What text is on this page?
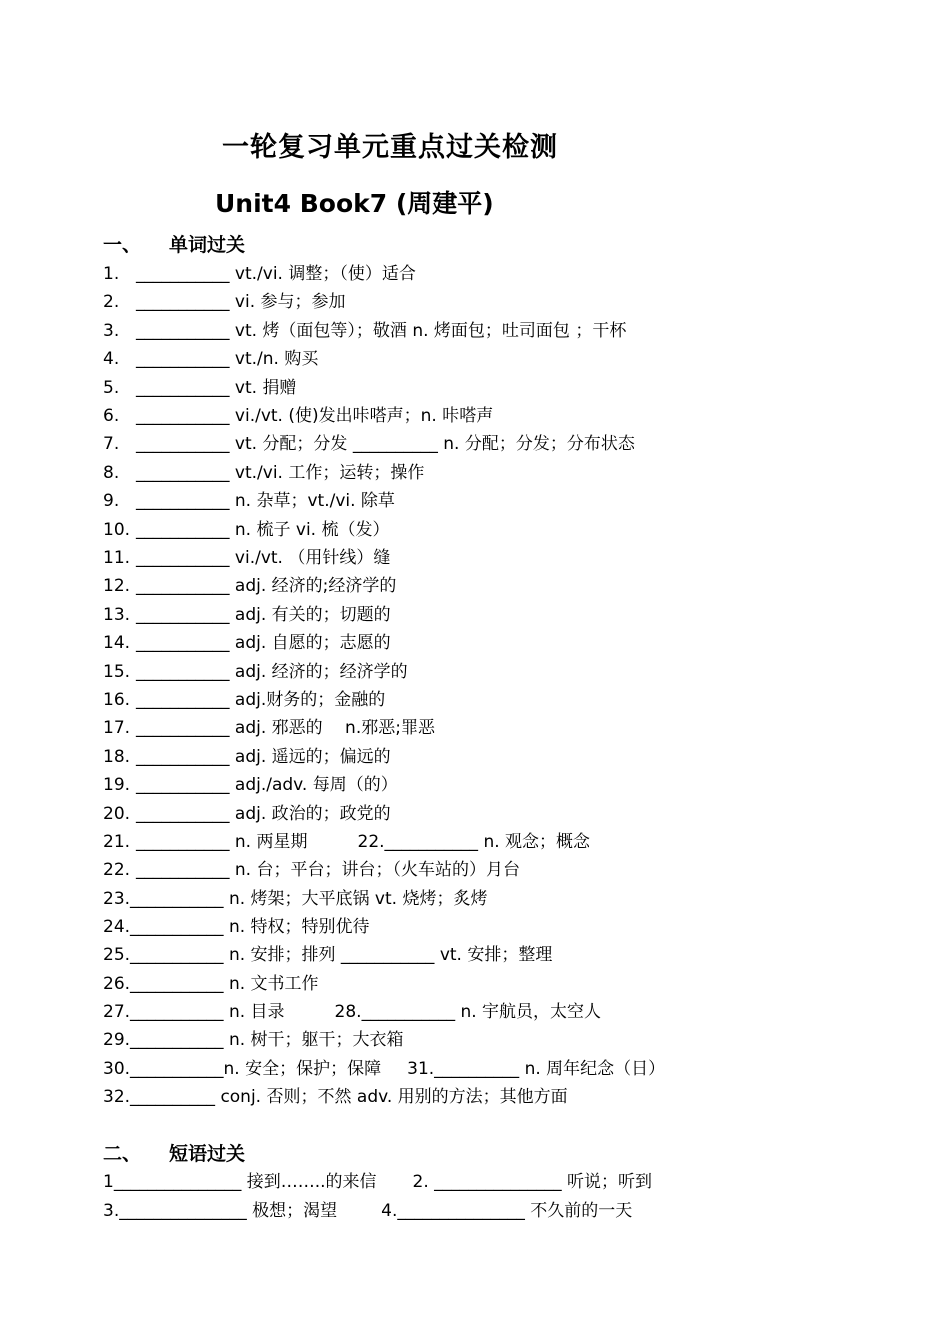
一轮复习单元重点过关检测
Unit4 Book7 (周建平)
一、 单词过关
1. ___________ vt./vi. 调整；（使）适合
2. ___________ vi. 参与；参加
3. ___________ vt. 烤（面包等）；敬酒 n. 烤面包；吐司面包 ；干杯
4. ___________ vt./n. 购买
5. ___________ vt. 捐赠
6. ___________ vi./vt. (使)发出咔嗒声；n. 咔嗒声
7. ___________ vt. 分配；分发 __________ n. 分配；分发；分布状态
8. ___________ vt./vi. 工作；运转；操作
9. ___________ n. 杂草；vt./vi. 除草
10. ___________ n. 梳子 vi. 梳（发）
11. ___________ vi./vt. （用针线）缝
12. ___________ adj. 经济的;经济学的
13. ___________ adj. 有关的；切题的
14. ___________ adj. 自愿的；志愿的
15. ___________ adj. 经济的；经济学的
16. ___________ adj.财务的；金融的
17. ___________ adj. 邪恶的　 n.邪恶;罪恶
18. ___________ adj. 遥远的；偏远的
19. ___________ adj./adv. 每周（的）
20. ___________ adj. 政治的；政党的
21. ___________ n. 两星期	22.___________ n. 观念；概念
22. ___________ n. 台；平台；讲台；（火车站的）月台
23.___________ n. 烤架；大平底锅 vt. 烧烤；炙烤
24.___________ n. 特权；特别优待
25.___________ n. 安排；排列 ___________ vt. 安排；整理
26.___________ n. 文书工作
27.___________ n. 目录	28.___________ n. 宇航员，太空人
29.___________ n. 树干；躯干；大衣箱
30.___________n. 安全；保护；保障 31.__________ n. 周年纪念（日）
32.__________ conj. 否则；不然 adv. 用别的方法；其他方面
二、 短语过关
1_______________ 接到……..的来信 2. _______________ 听说；听到
3._______________ 极想；渴望	4._______________ 不久前的一天
